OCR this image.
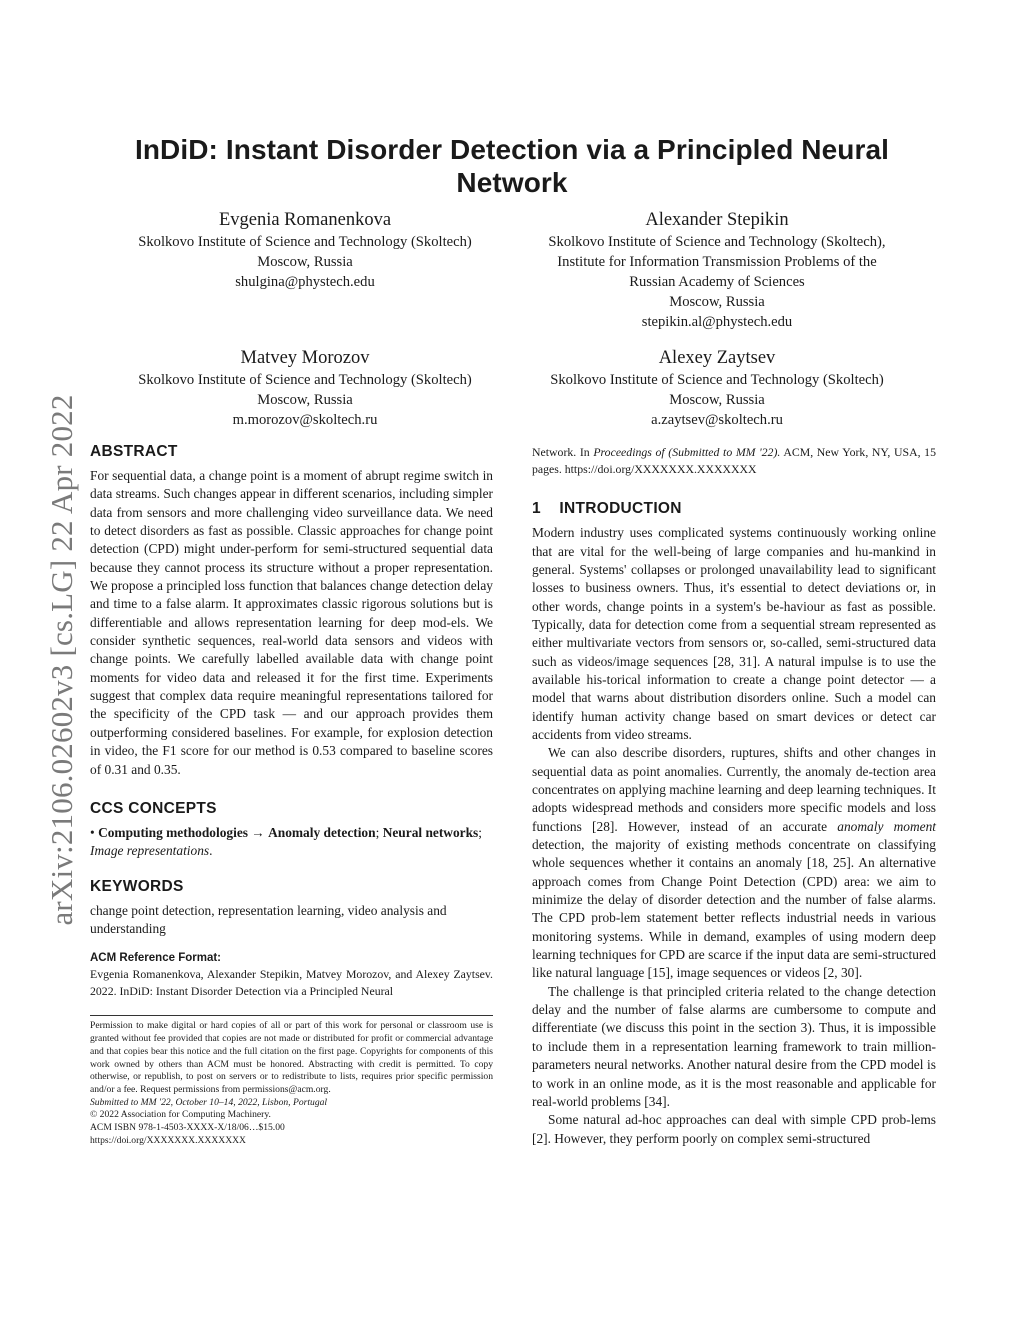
arXiv:2106.02602v3 [cs.LG] 22 Apr 2022
InDiD: Instant Disorder Detection via a Principled Neural Network
Evgenia Romanenkova
Skolkovo Institute of Science and Technology (Skoltech)
Moscow, Russia
shulgina@phystech.edu
Alexander Stepikin
Skolkovo Institute of Science and Technology (Skoltech),
Institute for Information Transmission Problems of the
Russian Academy of Sciences
Moscow, Russia
stepikin.al@phystech.edu
Matvey Morozov
Skolkovo Institute of Science and Technology (Skoltech)
Moscow, Russia
m.morozov@skoltech.ru
Alexey Zaytsev
Skolkovo Institute of Science and Technology (Skoltech)
Moscow, Russia
a.zaytsev@skoltech.ru
ABSTRACT

For sequential data, a change point is a moment of abrupt regime switch in data streams. Such changes appear in different scenarios, including simpler data from sensors and more challenging video surveillance data. We need to detect disorders as fast as possible. Classic approaches for change point detection (CPD) might under-perform for semi-structured sequential data because they cannot process its structure without a proper representation. We propose a principled loss function that balances change detection delay and time to a false alarm. It approximates classic rigorous solutions but is differentiable and allows representation learning for deep mod-els. We consider synthetic sequences, real-world data sensors and videos with change points. We carefully labelled available data with change point moments for video data and released it for the first time. Experiments suggest that complex data require meaningful representations tailored for the specificity of the CPD task — and our approach provides them outperforming considered baselines. For example, for explosion detection in video, the F1 score for our method is 0.53 compared to baseline scores of 0.31 and 0.35.

CCS CONCEPTS

• Computing methodologies → Anomaly detection; Neural networks; Image representations.

KEYWORDS

change point detection, representation learning, video analysis and understanding

ACM Reference Format:

Evgenia Romanenkova, Alexander Stepikin, Matvey Morozov, and Alexey Zaytsev. 2022. InDiD: Instant Disorder Detection via a Principled Neural

Permission to make digital or hard copies of all or part of this work for personal or classroom use is granted without fee provided that copies are not made or distributed for profit or commercial advantage and that copies bear this notice and the full citation on the first page. Copyrights for components of this work owned by others than ACM must be honored. Abstracting with credit is permitted. To copy otherwise, or republish, to post on servers or to redistribute to lists, requires prior specific permission and/or a fee. Request permissions from permissions@acm.org.

Submitted to MM '22, October 10–14, 2022, Lisbon, Portugal

© 2022 Association for Computing Machinery.

ACM ISBN 978-1-4503-XXXX-X/18/06…$15.00

https://doi.org/XXXXXXX.XXXXXXX

Network. In Proceedings of (Submitted to MM '22). ACM, New York, NY, USA, 15 pages. https://doi.org/XXXXXXX.XXXXXXX

1    INTRODUCTION

Modern industry uses complicated systems continuously working online that are vital for the well-being of large companies and hu-mankind in general. Systems' collapses or prolonged unavailability lead to significant losses to business owners. Thus, it's essential to detect deviations or, in other words, change points in a system's be-haviour as fast as possible. Typically, data for detection come from a sequential stream represented as either multivariate vectors from sensors or, so-called, semi-structured data such as videos/image sequences [28, 31]. A natural impulse is to use the available his-torical information to create a change point detector — a model that warns about distribution disorders online. Such a model can identify human activity change based on smart devices or detect car accidents from video streams.

We can also describe disorders, ruptures, shifts and other changes in sequential data as point anomalies. Currently, the anomaly de-tection area concentrates on applying machine learning and deep learning techniques. It adopts widespread methods and considers more specific models and loss functions [28]. However, instead of an accurate anomaly moment detection, the majority of existing methods concentrate on classifying whole sequences whether it contains an anomaly [18, 25]. An alternative approach comes from Change Point Detection (CPD) area: we aim to minimize the delay of disorder detection and the number of false alarms. The CPD prob-lem statement better reflects industrial needs in various monitoring systems. While in demand, examples of using modern deep learning techniques for CPD are scarce if the input data are semi-structured like natural language [15], image sequences or videos [2, 30].

The challenge is that principled criteria related to the change detection delay and the number of false alarms are cumbersome to compute and differentiate (we discuss this point in the section 3). Thus, it is impossible to include them in a representation learning framework to train million-parameters neural networks. Another natural desire from the CPD model is to work in an online mode, as it is the most reasonable and applicable for real-world problems [34].

Some natural ad-hoc approaches can deal with simple CPD prob-lems [2]. However, they perform poorly on complex semi-structured
